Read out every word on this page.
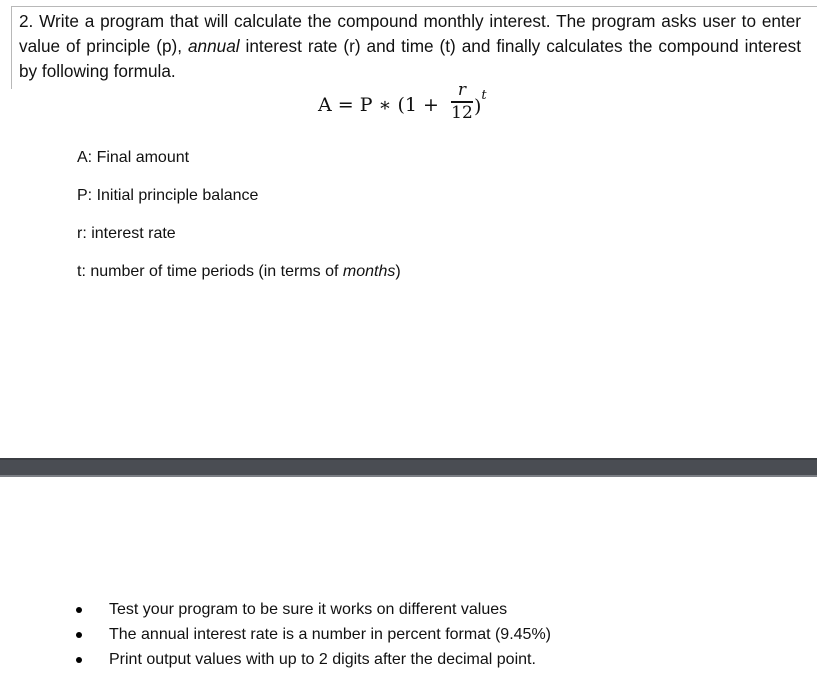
2. Write a program that will calculate the compound monthly interest. The program asks user to enter value of principle (p), annual interest rate (r) and time (t) and finally calculates the compound interest by following formula.
A = P ∗ (1 +
r
12 )$^t$
A: Final amount
P: Initial principle balance
r: interest rate
t: number of time periods (in terms of months)
Test your program to be sure it works on different values
The annual interest rate is a number in percent format (9.45%)
Print output values with up to 2 digits after the decimal point.
